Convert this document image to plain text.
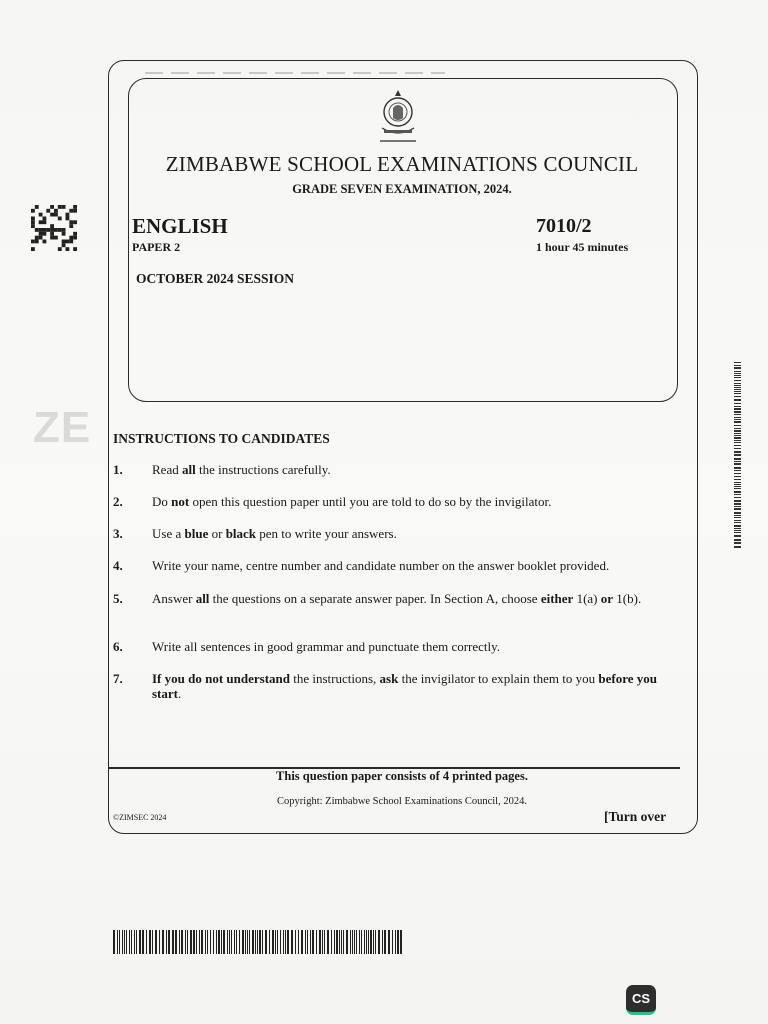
ZIMBABWE SCHOOL EXAMINATIONS COUNCIL
GRADE SEVEN EXAMINATION, 2024.
ENGLISH
PAPER 2
7010/2
1 hour 45 minutes
OCTOBER 2024 SESSION
INSTRUCTIONS TO CANDIDATES
1. Read all the instructions carefully.
2. Do not open this question paper until you are told to do so by the invigilator.
3. Use a blue or black pen to write your answers.
4. Write your name, centre number and candidate number on the answer booklet provided.
5. Answer all the questions on a separate answer paper. In Section A, choose either 1(a) or 1(b).
6. Write all sentences in good grammar and punctuate them correctly.
7. If you do not understand the instructions, ask the invigilator to explain them to you before you start.
This question paper consists of 4 printed pages.
Copyright: Zimbabwe School Examinations Council, 2024.
©ZIMSEC 2024	[Turn over
ZE
CS
